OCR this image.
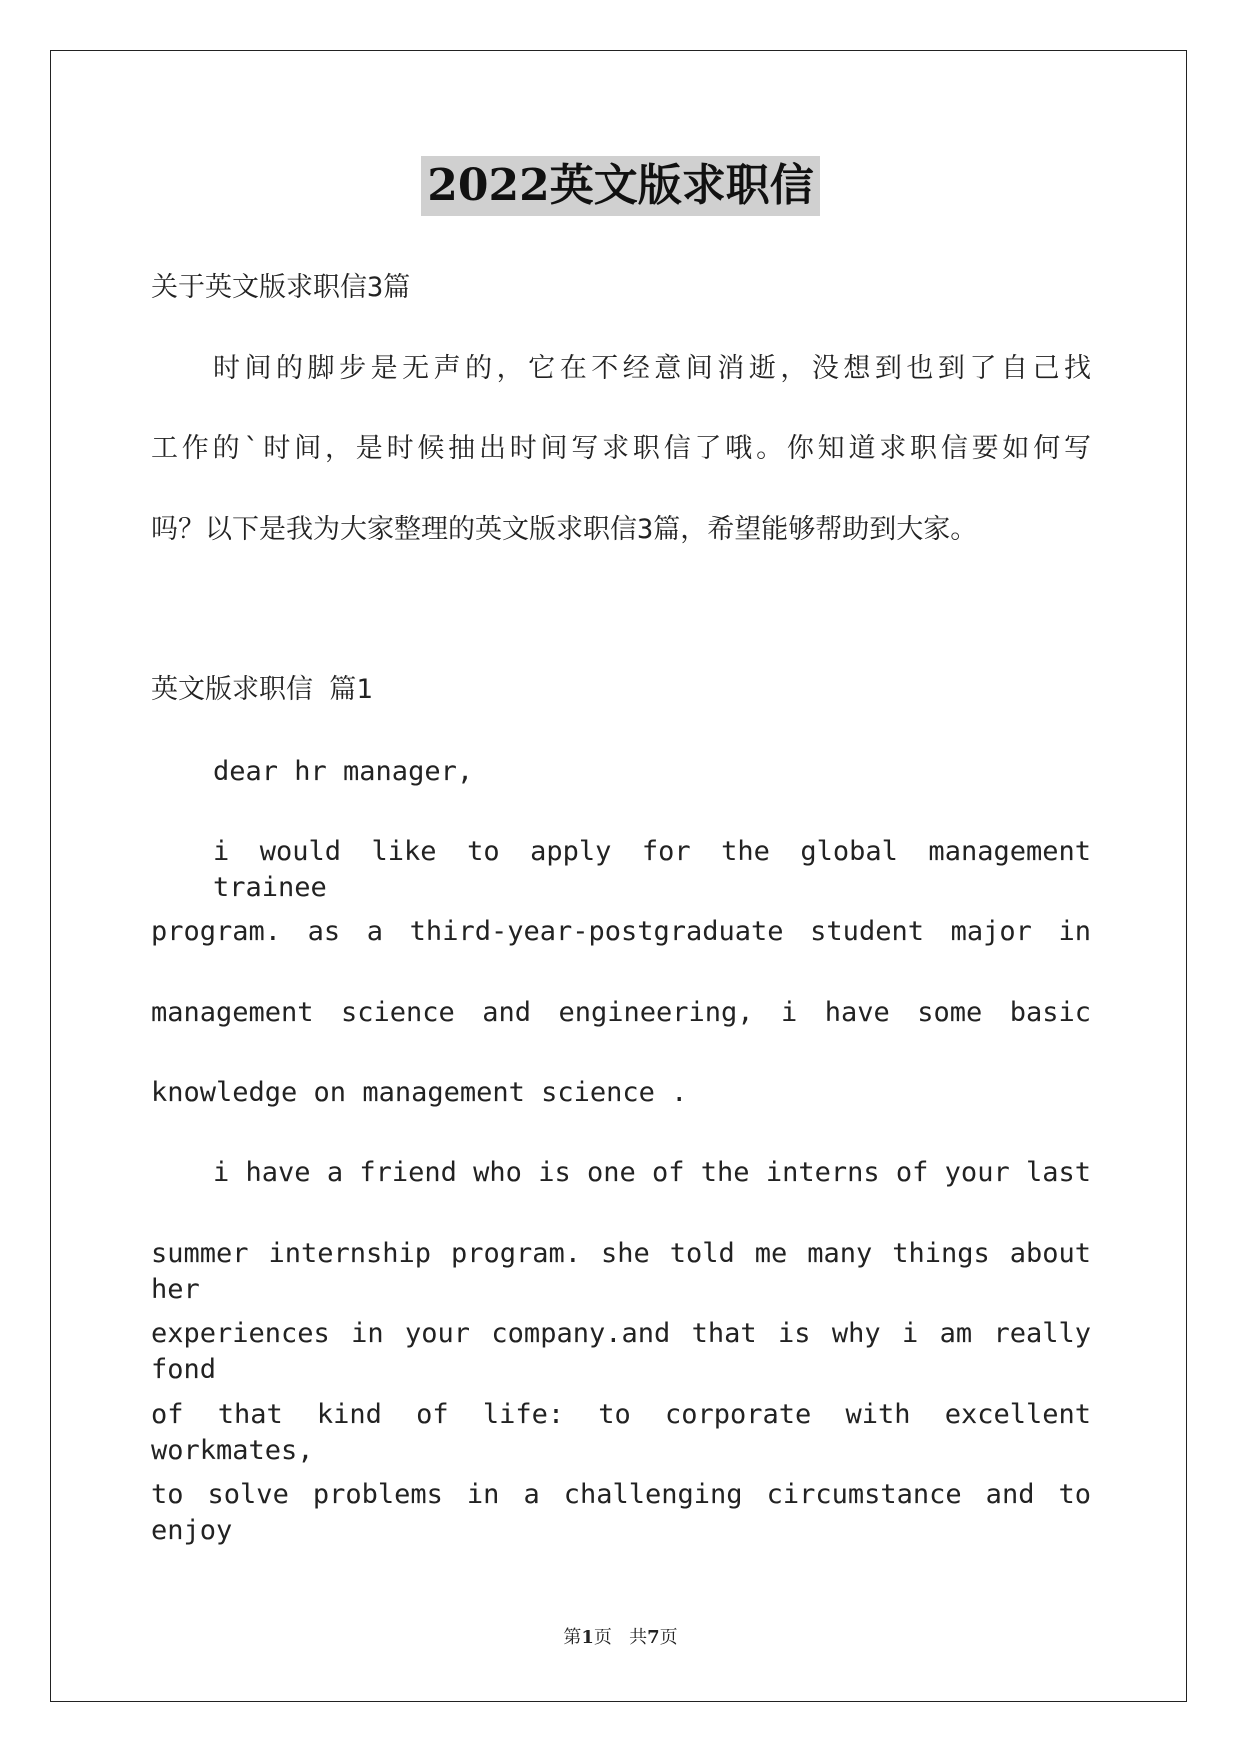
2022英文版求职信
关于英文版求职信3篇
时间的脚步是无声的，它在不经意间消逝，没想到也到了自己找
工作的`时间，是时候抽出时间写求职信了哦。你知道求职信要如何写
吗？以下是我为大家整理的英文版求职信3篇，希望能够帮助到大家。
英文版求职信 篇1
dear hr manager,
i would like to apply for the global management trainee
program. as a third-year-postgraduate student major in
management science and engineering, i have some basic
knowledge on management science .
i have a friend who is one of the interns of your last
summer internship program. she told me many things about her
experiences in your company.and that is why i am really fond
of that kind of life: to corporate with excellent workmates,
to solve problems in a challenging circumstance and to enjoy
第1页 共7页
